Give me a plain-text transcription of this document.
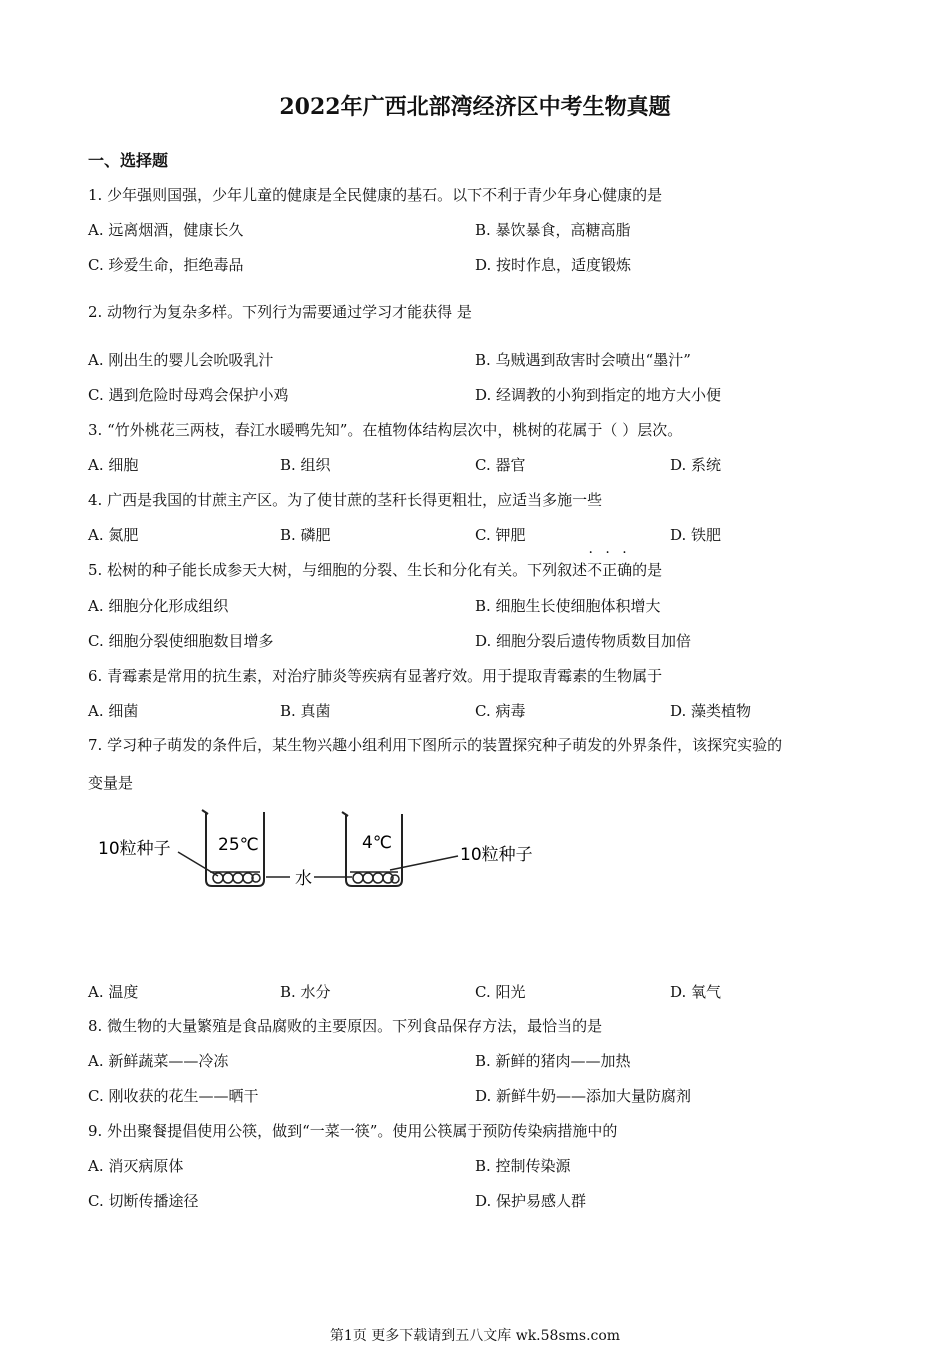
2022年广西北部湾经济区中考生物真题
一、选择题
1. 少年强则国强，少年儿童的健康是全民健康的基石。以下不利于青少年身心健康的是
A. 远离烟酒，健康长久	B. 暴饮暴食，高糖高脂
C. 珍爱生命，拒绝毒品	D. 按时作息，适度锻炼
2. 动物行为复杂多样。下列行为需要通过学习才能获得 是
A. 刚出生的婴儿会吮吸乳汁	B. 乌贼遇到敌害时会喷出“墨汁”
C. 遇到危险时母鸡会保护小鸡	D. 经调教的小狗到指定的地方大小便
3. “竹外桃花三两枝，春江水暖鸭先知”。在植物体结构层次中，桃树的花属于（ ）层次。
A. 细胞	B. 组织	C. 器官	D. 系统
4. 广西是我国的甘蔗主产区。为了使甘蔗的茎秆长得更粗壮，应适当多施一些
A. 氮肥	B. 磷肥	C. 钾肥	D. 铁肥
5. 松树的种子能长成参天大树，与细胞的分裂、生长和分化有关。下列叙述
· · ·
不正确的是
A. 细胞分化形成组织	B. 细胞生长使细胞体积增大
C. 细胞分裂使细胞数目增多	D. 细胞分裂后遗传物质数目加倍
6. 青霉素是常用的抗生素，对治疗肺炎等疾病有显著疗效。用于提取青霉素的生物属于
A. 细菌	B. 真菌	C. 病毒	D. 藻类植物
7. 学习种子萌发的条件后，某生物兴趣小组利用下图所示的装置探究种子萌发的外界条件，该探究实验的
变量是
25℃
10粒种子
水
4℃
10粒种子
A. 温度	B. 水分	C. 阳光	D. 氧气
8. 微生物的大量繁殖是食品腐败的主要原因。下列食品保存方法，最恰当的是
A. 新鲜蔬菜——冷冻	B. 新鲜的猪肉——加热
C. 刚收获的花生——晒干	D. 新鲜牛奶——添加大量防腐剂
9. 外出聚餐提倡使用公筷，做到“一菜一筷”。使用公筷属于预防传染病措施中的
A. 消灭病原体	B. 控制传染源
C. 切断传播途径	D. 保护易感人群
第1页 更多下载请到五八文库 wk.58sms.com
